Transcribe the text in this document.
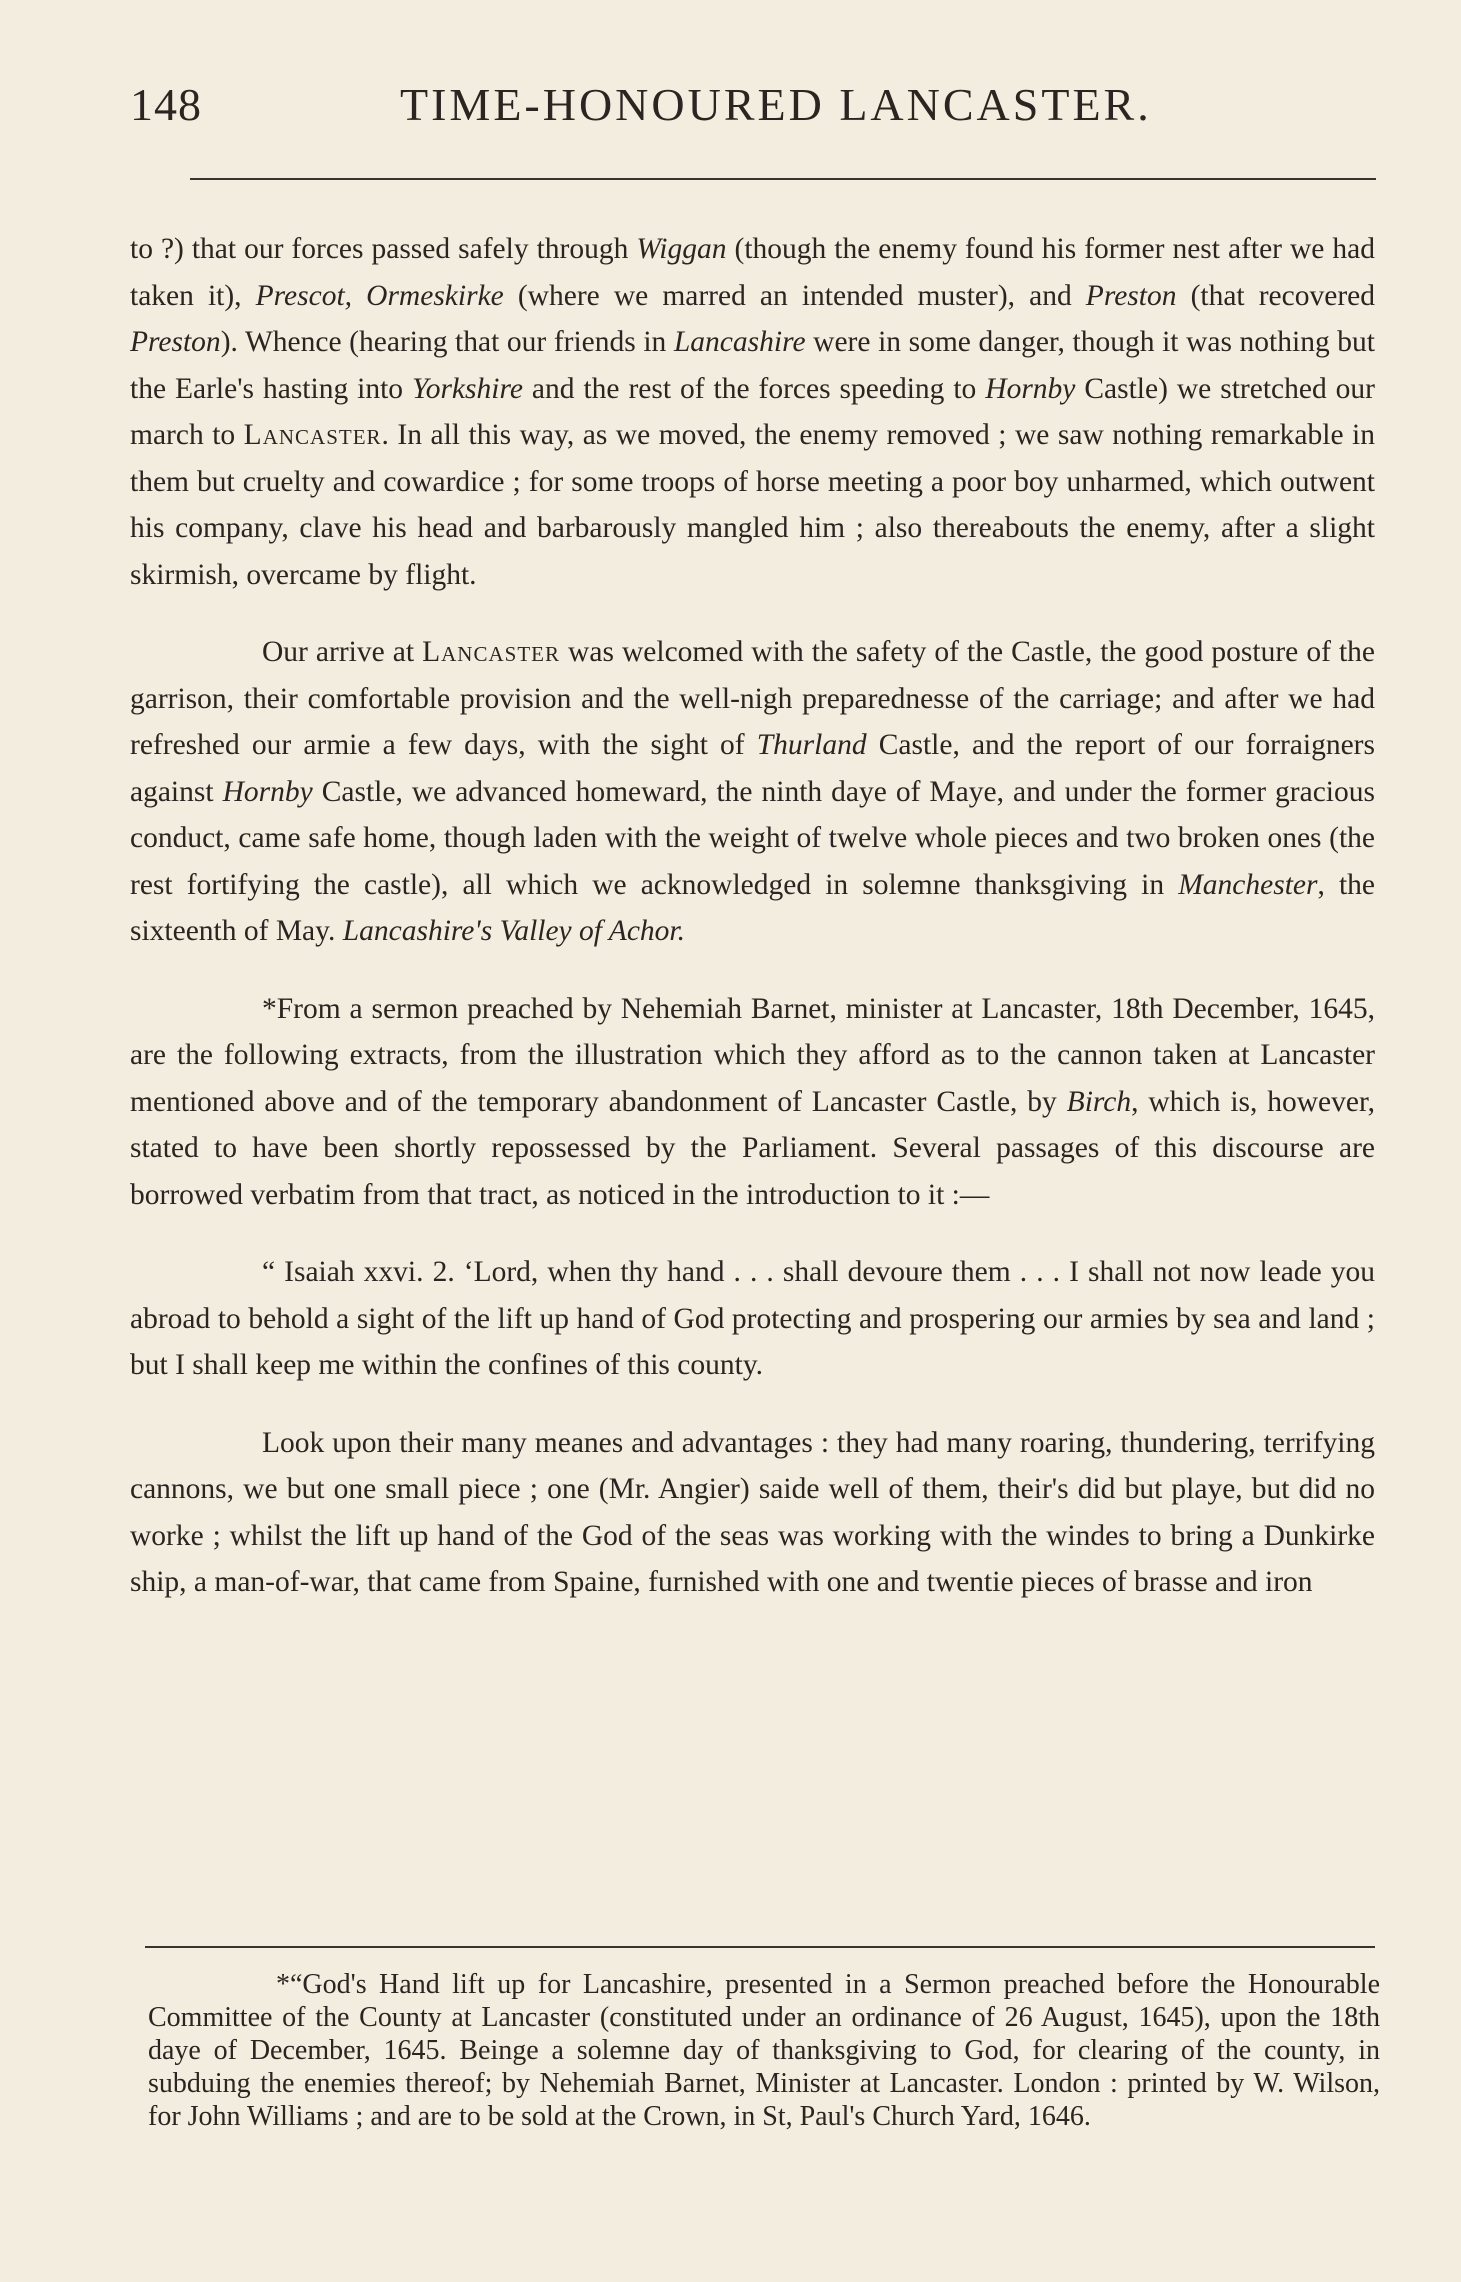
148	TIME-HONOURED LANCASTER.

to ?) that our forces passed safely through Wiggan (though the enemy found his former nest after we had taken it), Prescot, Ormeskirke (where we marred an intended muster), and Preston (that recovered Preston). Whence (hearing that our friends in Lancashire were in some danger, though it was nothing but the Earle's hasting into Yorkshire and the rest of the forces speeding to Hornby Castle) we stretched our march to Lancaster. In all this way, as we moved, the enemy removed ; we saw nothing remarkable in them but cruelty and cowardice ; for some troops of horse meeting a poor boy unharmed, which outwent his company, clave his head and barbarously mangled him ; also thereabouts the enemy, after a slight skirmish, overcame by flight.

Our arrive at Lancaster was welcomed with the safety of the Castle, the good posture of the garrison, their comfortable provision and the well-nigh preparednesse of the carriage; and after we had refreshed our armie a few days, with the sight of Thurland Castle, and the report of our forraigners against Hornby Castle, we advanced homeward, the ninth daye of Maye, and under the former gracious conduct, came safe home, though laden with the weight of twelve whole pieces and two broken ones (the rest fortifying the castle), all which we acknowledged in solemne thanksgiving in Manchester, the sixteenth of May. Lancashire's Valley of Achor.

*From a sermon preached by Nehemiah Barnet, minister at Lancaster, 18th December, 1645, are the following extracts, from the illustration which they afford as to the cannon taken at Lancaster mentioned above and of the temporary abandonment of Lancaster Castle, by Birch, which is, however, stated to have been shortly repossessed by the Parliament. Several passages of this discourse are borrowed verbatim from that tract, as noticed in the introduction to it :—

“ Isaiah xxvi. 2. ‘Lord, when thy hand . . . shall devoure them . . . I shall not now leade you abroad to behold a sight of the lift up hand of God protecting and prospering our armies by sea and land ; but I shall keep me within the confines of this county.

Look upon their many meanes and advantages : they had many roaring, thundering, terrifying cannons, we but one small piece ; one (Mr. Angier) saide well of them, their's did but playe, but did no worke ; whilst the lift up hand of the God of the seas was working with the windes to bring a Dunkirke ship, a man-of-war, that came from Spaine, furnished with one and twentie pieces of brasse and iron

*“God's Hand lift up for Lancashire, presented in a Sermon preached before the Honourable Committee of the County at Lancaster (constituted under an ordinance of 26 August, 1645), upon the 18th daye of December, 1645. Beinge a solemne day of thanksgiving to God, for clearing of the county, in subduing the enemies thereof; by Nehemiah Barnet, Minister at Lancaster. London : printed by W. Wilson, for John Williams ; and are to be sold at the Crown, in St, Paul's Church Yard, 1646.
